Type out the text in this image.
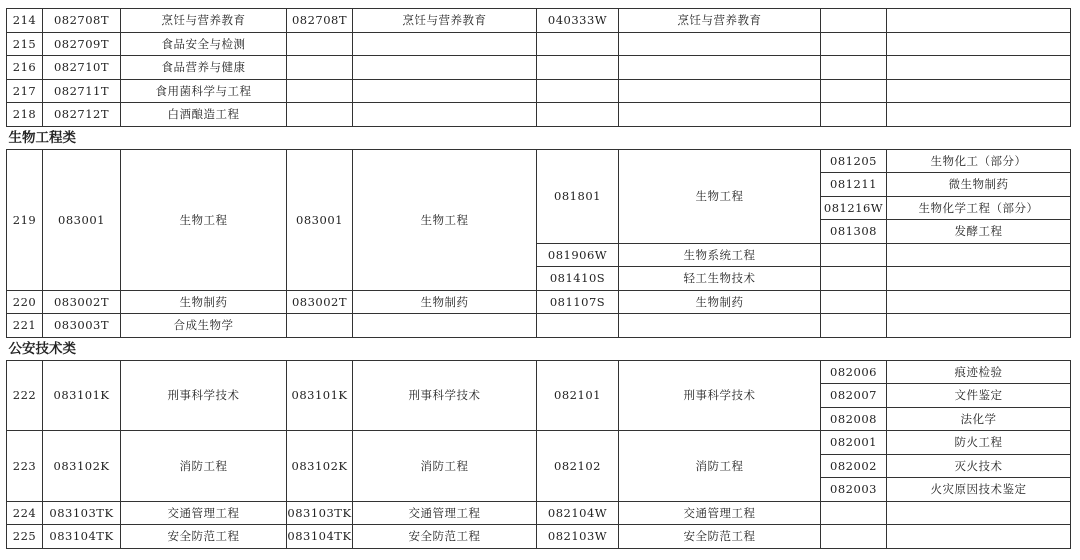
214	082708T	烹饪与营养教育	082708T	烹饪与营养教育	040333W	烹饪与营养教育		
215	082709T	食品安全与检测						
216	082710T	食品营养与健康						
217	082711T	食用菌科学与工程						
218	082712T	白酒酿造工程						
生物工程类								
219	083001	生物工程	083001	生物工程	081801	生物工程	081205	生物化工（部分）
							081211	微生物制药
							081216W	生物化学工程（部分）
							081308	发酵工程
					081906W	生物系统工程		
					081410S	轻工生物技术		
220	083002T	生物制药	083002T	生物制药	081107S	生物制药		
221	083003T	合成生物学						
公安技术类								
222	083101K	刑事科学技术	083101K	刑事科学技术	082101	刑事科学技术	082006	痕迹检验
							082007	文件鉴定
							082008	法化学
223	083102K	消防工程	083102K	消防工程	082102	消防工程	082001	防火工程
							082002	灭火技术
							082003	火灾原因技术鉴定
224	083103TK	交通管理工程	083103TK	交通管理工程	082104W	交通管理工程		
225	083104TK	安全防范工程	083104TK	安全防范工程	082103W	安全防范工程		
